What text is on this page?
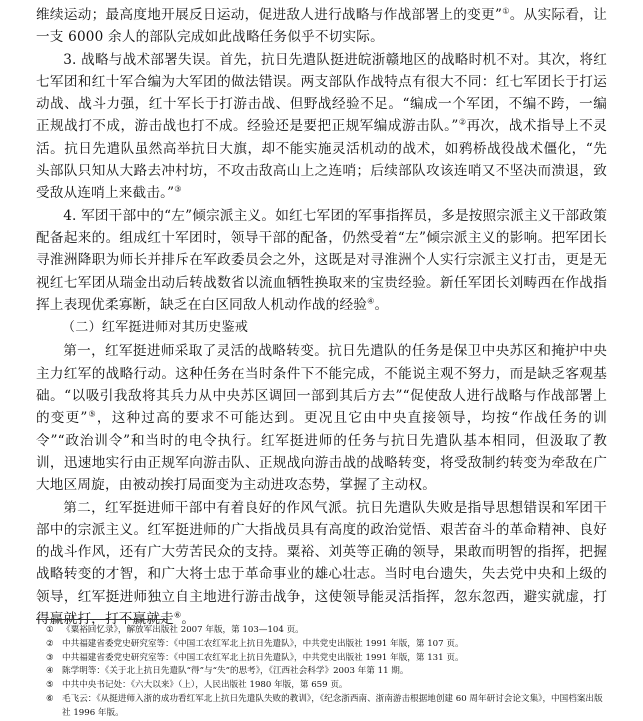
维续运动；最高度地开展反日运动，促进敌人进行战略与作战部署上的变更”①。从实际看，让一支 6000 余人的部队完成如此战略任务似乎不切实际。

3. 战略与战术部署失误。首先，抗日先遣队挺进皖浙赣地区的战略时机不对。其次，将红七军团和红十军合编为大军团的做法错误。两支部队作战特点有很大不同：红七军团长于打运动战、战斗力强，红十军长于打游击战、但野战经验不足。“编成一个军团，不编不跨，一编正规战打不成，游击战也打不成。经验还是要把正规军编成游击队。”②再次，战术指导上不灵活。抗日先遣队虽然高举抗日大旗，却不能实施灵活机动的战术，如鸦桥战役战术僵化，“先头部队只知从大路去冲村坊，不攻击敌高山上之连哨；后续部队攻该连哨又不坚决而溃退，致受敌从连哨上来截击。”③

4. 军团干部中的“左”倾宗派主义。如红七军团的军事指挥员，多是按照宗派主义干部政策配备起来的。组成红十军团时，领导干部的配备，仍然受着“左”倾宗派主义的影响。把军团长寻淮洲降职为师长并排斥在军政委员会之外，这既是对寻淮洲个人实行宗派主义打击，更是无视红七军团从瑞金出动后转战数省以流血牺牲换取来的宝贵经验。新任军团长刘畴西在作战指挥上表现优柔寡断，缺乏在白区同敌人机动作战的经验④。

（二）红军挺进师对其历史鉴戒

第一，红军挺进师采取了灵活的战略转变。抗日先遣队的任务是保卫中央苏区和掩护中央主力红军的战略行动。这种任务在当时条件下不能完成，不能说主观不努力，而是缺乏客观基础。“以吸引我敌将其兵力从中央苏区调回一部到其后方去”“促使敌人进行战略与作战部署上的变更”⑤，这种过高的要求不可能达到。更况且它由中央直接领导，均按“作战任务的训令”“政治训令”和当时的电令执行。红军挺进师的任务与抗日先遣队基本相同，但汲取了教训，迅速地实行由正规军向游击队、正规战向游击战的战略转变，将受敌制约转变为牵敌在广大地区周旋，由被动挨打局面变为主动进攻态势，掌握了主动权。

第二，红军挺进师干部中有着良好的作风气派。抗日先遣队失败是指导思想错误和军团干部中的宗派主义。红军挺进师的广大指战员具有高度的政治觉悟、艰苦奋斗的革命精神、良好的战斗作风，还有广大劳苦民众的支持。粟裕、刘英等正确的领导，果敢而明智的指挥，把握战略转变的才智，和广大将士忠于革命事业的雄心壮志。当时电台遗失，失去党中央和上级的领导，红军挺进师独立自主地进行游击战争，这使领导能灵活指挥，忽东忽西，避实就虚，打得赢就打，打不赢就走⑥。

① 《粟裕回忆录》，解放军出版社 2007 年版，第 103—104 页。

② 中共福建省委党史研究室等：《中国工农红军北上抗日先遣队》，中共党史出版社 1991 年版，第 107 页。

③ 中共福建省委党史研究室等：《中国工农红军北上抗日先遣队》，中共党史出版社 1991 年版，第 131 页。

④ 陈学明等：《关于北上抗日先遣队“得”与“失”的思考》，《江西社会科学》2003 年第 11 期。

⑤ 中共中央书记处：《六大以来》（上），人民出版社 1980 年版，第 659 页。

⑥ 毛飞云：《从挺进师入浙的成功看红军北上抗日先遣队失败的教训》，《纪念浙西南、浙南游击根据地创建 60 周年研讨会论文集》，中国档案出版社 1996 年版。
